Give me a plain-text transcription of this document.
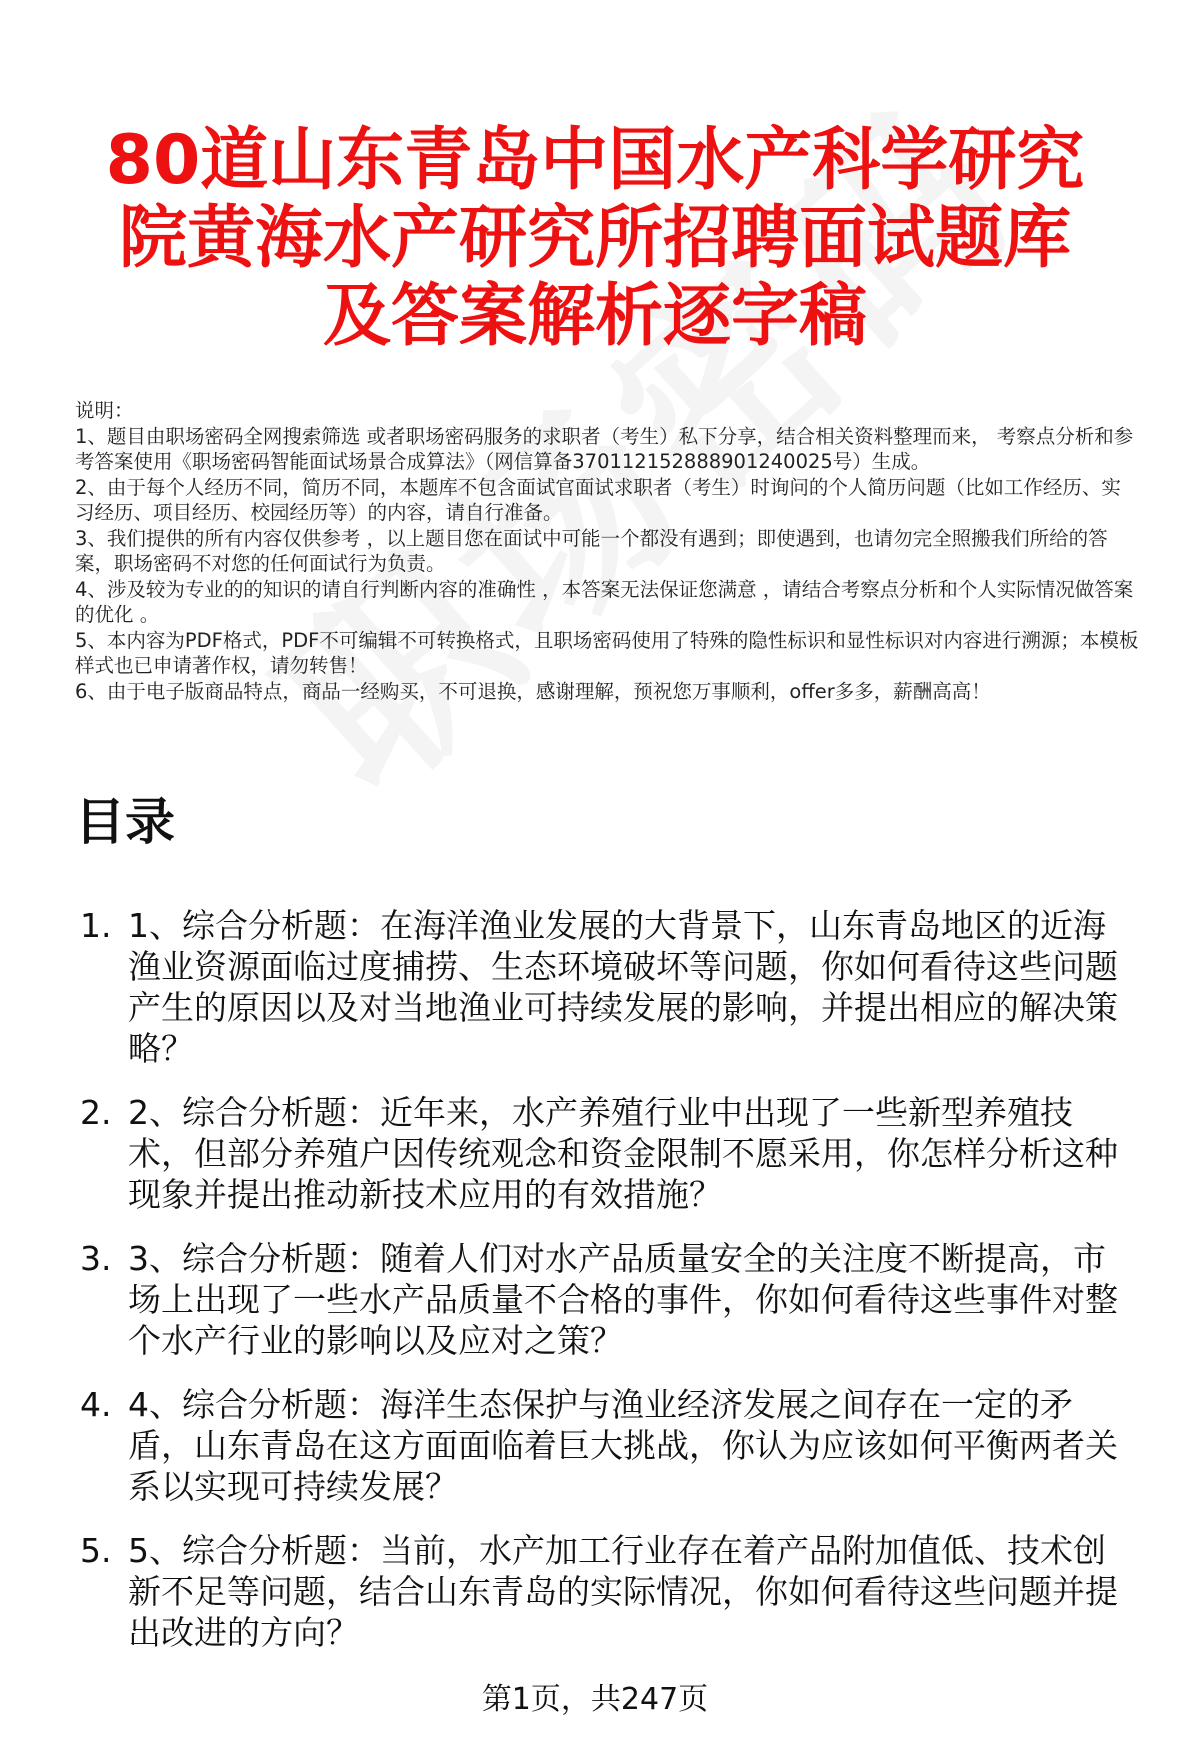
80道山东青岛中国水产科学研究院黄海水产研究所招聘面试题库及答案解析逐字稿

说明：

1、题目由职场密码全网搜索筛选 或者职场密码服务的求职者（考生）私下分享，结合相关资料整理而来， 考察点分析和参考答案使用《职场密码智能面试场景合成算法》（网信算备370112152888901240025号）生成。

2、由于每个人经历不同，简历不同，本题库不包含面试官面试求职者（考生）时询问的个人简历问题（比如工作经历、实习经历、项目经历、校园经历等）的内容，请自行准备。

3、我们提供的所有内容仅供参考 ，以上题目您在面试中可能一个都没有遇到；即使遇到，也请勿完全照搬我们所给的答案，职场密码不对您的任何面试行为负责。

4、涉及较为专业的的知识的请自行判断内容的准确性 ，本答案无法保证您满意 ，请结合考察点分析和个人实际情况做答案的优化 。

5、本内容为PDF格式，PDF不可编辑不可转换格式，且职场密码使用了特殊的隐性标识和显性标识对内容进行溯源；本模板样式也已申请著作权，请勿转售！

6、由于电子版商品特点，商品一经购买，不可退换，感谢理解，预祝您万事顺利，offer多多，薪酬高高！

目录
1. 1、综合分析题：在海洋渔业发展的大背景下，山东青岛地区的近海渔业资源面临过度捕捞、生态环境破坏等问题，你如何看待这些问题产生的原因以及对当地渔业可持续发展的影响，并提出相应的解决策略？
2. 2、综合分析题：近年来，水产养殖行业中出现了一些新型养殖技术，但部分养殖户因传统观念和资金限制不愿采用，你怎样分析这种现象并提出推动新技术应用的有效措施？
3. 3、综合分析题：随着人们对水产品质量安全的关注度不断提高，市场上出现了一些水产品质量不合格的事件，你如何看待这些事件对整个水产行业的影响以及应对之策？
4. 4、综合分析题：海洋生态保护与渔业经济发展之间存在一定的矛盾，山东青岛在这方面面临着巨大挑战，你认为应该如何平衡两者关系以实现可持续发展？
5. 5、综合分析题：当前，水产加工行业存在着产品附加值低、技术创新不足等问题，结合山东青岛的实际情况，你如何看待这些问题并提出改进的方向？
第1页，共247页
